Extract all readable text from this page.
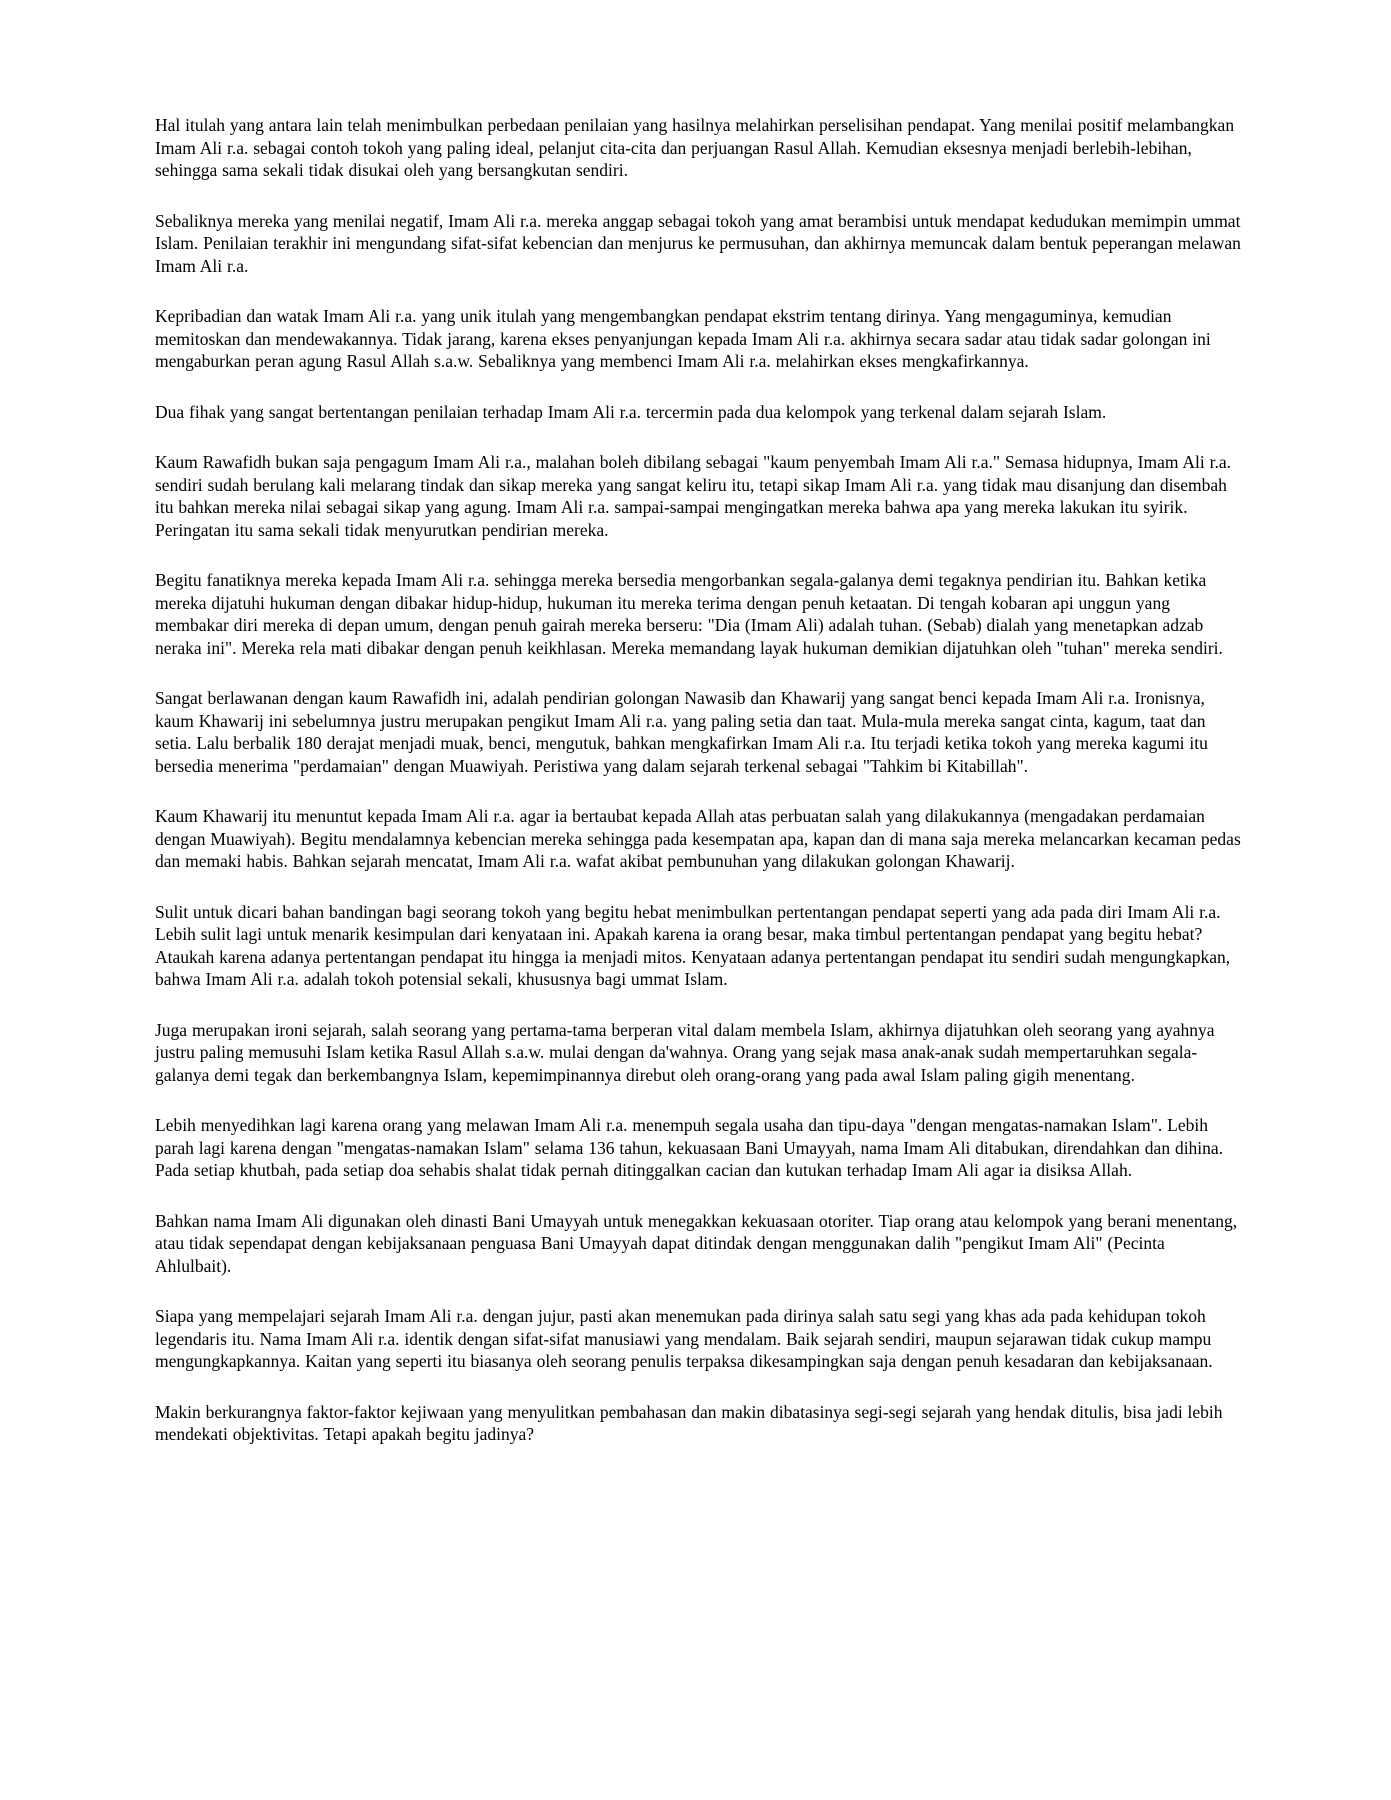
Hal itulah yang antara lain telah menimbulkan perbedaan penilaian yang hasilnya melahirkan perselisihan pendapat. Yang menilai positif melambangkan Imam Ali r.a. sebagai contoh tokoh yang paling ideal, pelanjut cita-cita dan perjuangan Rasul Allah. Kemudian eksesnya menjadi berlebih-lebihan, sehingga sama sekali tidak disukai oleh yang bersangkutan sendiri.

Sebaliknya mereka yang menilai negatif, Imam Ali r.a. mereka anggap sebagai tokoh yang amat berambisi untuk mendapat kedudukan memimpin ummat Islam. Penilaian terakhir ini mengundang sifat-sifat kebencian dan menjurus ke permusuhan, dan akhirnya memuncak dalam bentuk peperangan melawan Imam Ali r.a.

Kepribadian dan watak Imam Ali r.a. yang unik itulah yang mengembangkan pendapat ekstrim tentang dirinya. Yang mengaguminya, kemudian memitoskan dan mendewakannya. Tidak jarang, karena ekses penyanjungan kepada Imam Ali r.a. akhirnya secara sadar atau tidak sadar golongan ini mengaburkan peran agung Rasul Allah s.a.w. Sebaliknya yang membenci Imam Ali r.a. melahirkan ekses mengkafirkannya.

Dua fihak yang sangat bertentangan penilaian terhadap Imam Ali r.a. tercermin pada dua kelompok yang terkenal dalam sejarah Islam.

Kaum Rawafidh bukan saja pengagum Imam Ali r.a., malahan boleh dibilang sebagai "kaum penyembah Imam Ali r.a." Semasa hidupnya, Imam Ali r.a. sendiri sudah berulang kali melarang tindak dan sikap mereka yang sangat keliru itu, tetapi sikap Imam Ali r.a. yang tidak mau disanjung dan disembah itu bahkan mereka nilai sebagai sikap yang agung. Imam Ali r.a. sampai-sampai mengingatkan mereka bahwa apa yang mereka lakukan itu syirik. Peringatan itu sama sekali tidak menyurutkan pendirian mereka.

Begitu fanatiknya mereka kepada Imam Ali r.a. sehingga mereka bersedia mengorbankan segala-galanya demi tegaknya pendirian itu. Bahkan ketika mereka dijatuhi hukuman dengan dibakar hidup-hidup, hukuman itu mereka terima dengan penuh ketaatan. Di tengah kobaran api unggun yang membakar diri mereka di depan umum, dengan penuh gairah mereka berseru: "Dia (Imam Ali) adalah tuhan. (Sebab) dialah yang menetapkan adzab neraka ini". Mereka rela mati dibakar dengan penuh keikhlasan. Mereka memandang layak hukuman demikian dijatuhkan oleh "tuhan" mereka sendiri.

Sangat berlawanan dengan kaum Rawafidh ini, adalah pendirian golongan Nawasib dan Khawarij yang sangat benci kepada Imam Ali r.a. Ironisnya, kaum Khawarij ini sebelumnya justru merupakan pengikut Imam Ali r.a. yang paling setia dan taat. Mula-mula mereka sangat cinta, kagum, taat dan setia. Lalu berbalik 180 derajat menjadi muak, benci, mengutuk, bahkan mengkafirkan Imam Ali r.a. Itu terjadi ketika tokoh yang mereka kagumi itu bersedia menerima "perdamaian" dengan Muawiyah. Peristiwa yang dalam sejarah terkenal sebagai "Tahkim bi Kitabillah".

Kaum Khawarij itu menuntut kepada Imam Ali r.a. agar ia bertaubat kepada Allah atas perbuatan salah yang dilakukannya (mengadakan perdamaian dengan Muawiyah). Begitu mendalamnya kebencian mereka sehingga pada kesempatan apa, kapan dan di mana saja mereka melancarkan kecaman pedas dan memaki habis. Bahkan sejarah mencatat, Imam Ali r.a. wafat akibat pembunuhan yang dilakukan golongan Khawarij.

Sulit untuk dicari bahan bandingan bagi seorang tokoh yang begitu hebat menimbulkan pertentangan pendapat seperti yang ada pada diri Imam Ali r.a. Lebih sulit lagi untuk menarik kesimpulan dari kenyataan ini. Apakah karena ia orang besar, maka timbul pertentangan pendapat yang begitu hebat? Ataukah karena adanya pertentangan pendapat itu hingga ia menjadi mitos. Kenyataan adanya pertentangan pendapat itu sendiri sudah mengungkapkan, bahwa Imam Ali r.a. adalah tokoh potensial sekali, khususnya bagi ummat Islam.

Juga merupakan ironi sejarah, salah seorang yang pertama-tama berperan vital dalam membela Islam, akhirnya dijatuhkan oleh seorang yang ayahnya justru paling memusuhi Islam ketika Rasul Allah s.a.w. mulai dengan da'wahnya. Orang yang sejak masa anak-anak sudah mempertaruhkan segala-galanya demi tegak dan berkembangnya Islam, kepemimpinannya direbut oleh orang-orang yang pada awal Islam paling gigih menentang.

Lebih menyedihkan lagi karena orang yang melawan Imam Ali r.a. menempuh segala usaha dan tipu-daya "dengan mengatas-namakan Islam". Lebih parah lagi karena dengan "mengatas-namakan Islam" selama 136 tahun, kekuasaan Bani Umayyah, nama Imam Ali ditabukan, direndahkan dan dihina. Pada setiap khutbah, pada setiap doa sehabis shalat tidak pernah ditinggalkan cacian dan kutukan terhadap Imam Ali agar ia disiksa Allah.

Bahkan nama Imam Ali digunakan oleh dinasti Bani Umayyah untuk menegakkan kekuasaan otoriter. Tiap orang atau kelompok yang berani menentang, atau tidak sependapat dengan kebijaksanaan penguasa Bani Umayyah dapat ditindak dengan menggunakan dalih "pengikut Imam Ali" (Pecinta Ahlulbait).

Siapa yang mempelajari sejarah Imam Ali r.a. dengan jujur, pasti akan menemukan pada dirinya salah satu segi yang khas ada pada kehidupan tokoh legendaris itu. Nama Imam Ali r.a. identik dengan sifat-sifat manusiawi yang mendalam. Baik sejarah sendiri, maupun sejarawan tidak cukup mampu mengungkapkannya. Kaitan yang seperti itu biasanya oleh seorang penulis terpaksa dikesampingkan saja dengan penuh kesadaran dan kebijaksanaan.

Makin berkurangnya faktor-faktor kejiwaan yang menyulitkan pembahasan dan makin dibatasinya segi-segi sejarah yang hendak ditulis, bisa jadi lebih mendekati objektivitas. Tetapi apakah begitu jadinya?
